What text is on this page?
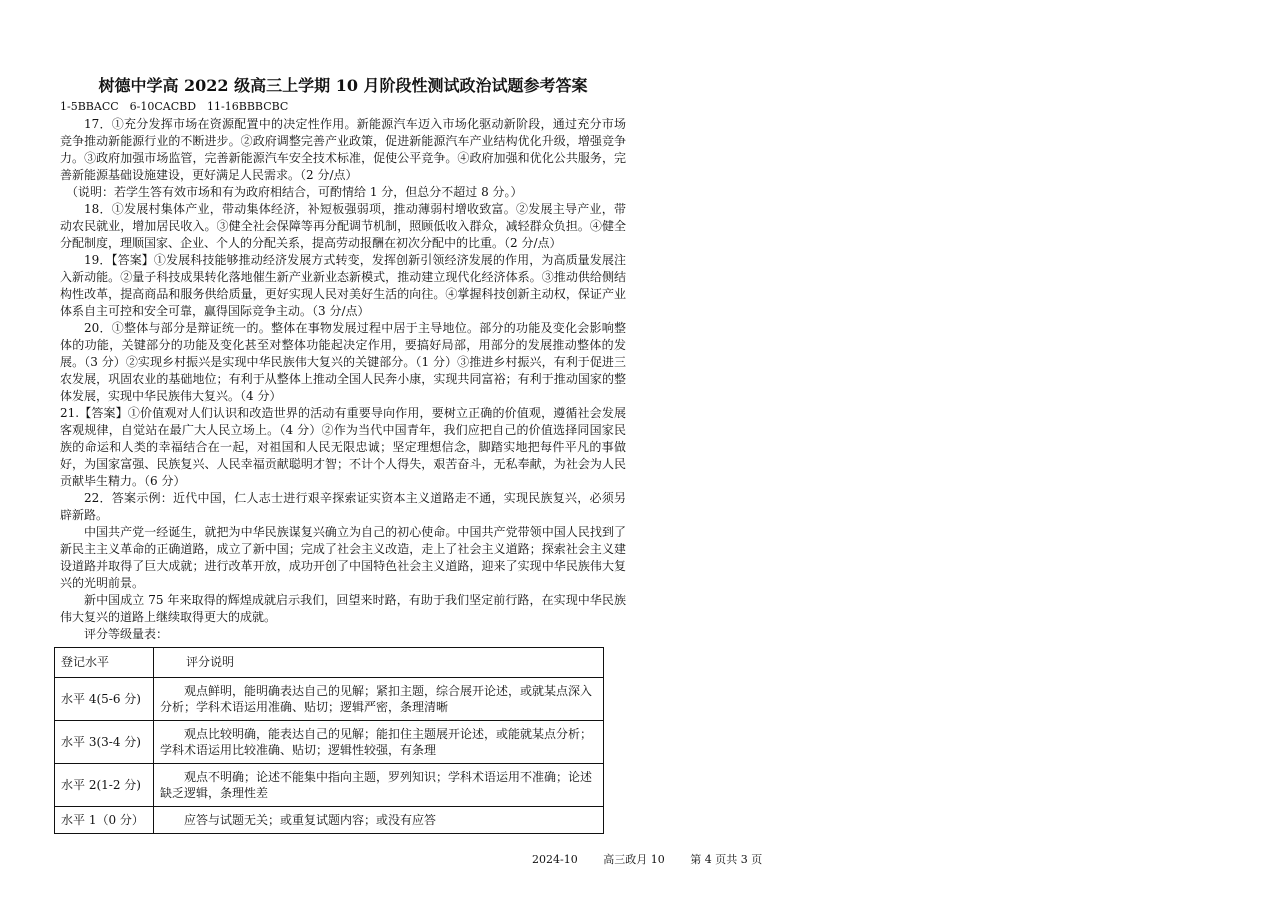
树德中学高 2022 级高三上学期 10 月阶段性测试政治试题参考答案
1-5BBACC　6-10CACBD　11-16BBBCBC

17．①充分发挥市场在资源配置中的决定性作用。新能源汽车迈入市场化驱动新阶段，通过充分市场竞争推动新能源行业的不断进步。②政府调整完善产业政策，促进新能源汽车产业结构优化升级，增强竞争力。③政府加强市场监管，完善新能源汽车安全技术标准，促使公平竞争。④政府加强和优化公共服务，完善新能源基础设施建设，更好满足人民需求。（2 分/点）

（说明：若学生答有效市场和有为政府相结合，可酌情给 1 分，但总分不超过 8 分。）

18．①发展村集体产业，带动集体经济，补短板强弱项，推动薄弱村增收致富。②发展主导产业，带动农民就业，增加居民收入。③健全社会保障等再分配调节机制，照顾低收入群众，减轻群众负担。④健全分配制度，理顺国家、企业、个人的分配关系，提高劳动报酬在初次分配中的比重。（2 分/点）

19．【答案】①发展科技能够推动经济发展方式转变，发挥创新引领经济发展的作用，为高质量发展注入新动能。②量子科技成果转化落地催生新产业新业态新模式，推动建立现代化经济体系。③推动供给侧结构性改革，提高商品和服务供给质量，更好实现人民对美好生活的向往。④掌握科技创新主动权，保证产业体系自主可控和安全可靠，赢得国际竞争主动。（3 分/点）

20．①整体与部分是辩证统一的。整体在事物发展过程中居于主导地位。部分的功能及变化会影响整体的功能，关键部分的功能及变化甚至对整体功能起决定作用，要搞好局部，用部分的发展推动整体的发展。（3 分）②实现乡村振兴是实现中华民族伟大复兴的关键部分。（1 分）③推进乡村振兴，有利于促进三农发展，巩固农业的基础地位；有利于从整体上推动全国人民奔小康，实现共同富裕；有利于推动国家的整体发展，实现中华民族伟大复兴。（4 分）

21.【答案】①价值观对人们认识和改造世界的活动有重要导向作用，要树立正确的价值观，遵循社会发展客观规律，自觉站在最广大人民立场上。（4 分）②作为当代中国青年，我们应把自己的价值选择同国家民族的命运和人类的幸福结合在一起，对祖国和人民无限忠诚；坚定理想信念，脚踏实地把每件平凡的事做好，为国家富强、民族复兴、人民幸福贡献聪明才智；不计个人得失，艰苦奋斗，无私奉献，为社会为人民贡献毕生精力。（6 分）

22．答案示例：近代中国，仁人志士进行艰辛探索证实资本主义道路走不通，实现民族复兴，必须另辟新路。

中国共产党一经诞生，就把为中华民族谋复兴确立为自己的初心使命。中国共产党带领中国人民找到了新民主主义革命的正确道路，成立了新中国；完成了社会主义改造，走上了社会主义道路；探索社会主义建设道路并取得了巨大成就；进行改革开放，成功开创了中国特色社会主义道路，迎来了实现中华民族伟大复兴的光明前景。

新中国成立 75 年来取得的辉煌成就启示我们，回望来时路，有助于我们坚定前行路，在实现中华民族伟大复兴的道路上继续取得更大的成就。

评分等级量表：

登记水平	评分说明
水平 4(5-6 分)	观点鲜明，能明确表达自己的见解；紧扣主题，综合展开论述，或就某点深入分析；学科术语运用准确、贴切；逻辑严密，条理清晰
水平 3(3-4 分)	观点比较明确，能表达自己的见解；能扣住主题展开论述，或能就某点分析；学科术语运用比较准确、贴切；逻辑性较强，有条理
水平 2(1-2 分)	观点不明确；论述不能集中指向主题，罗列知识；学科术语运用不准确；论述缺乏逻辑，条理性差
水平 1（0 分）	应答与试题无关；或重复试题内容；或没有应答
2024-10 高三政月 10 第 4 页共 3 页
